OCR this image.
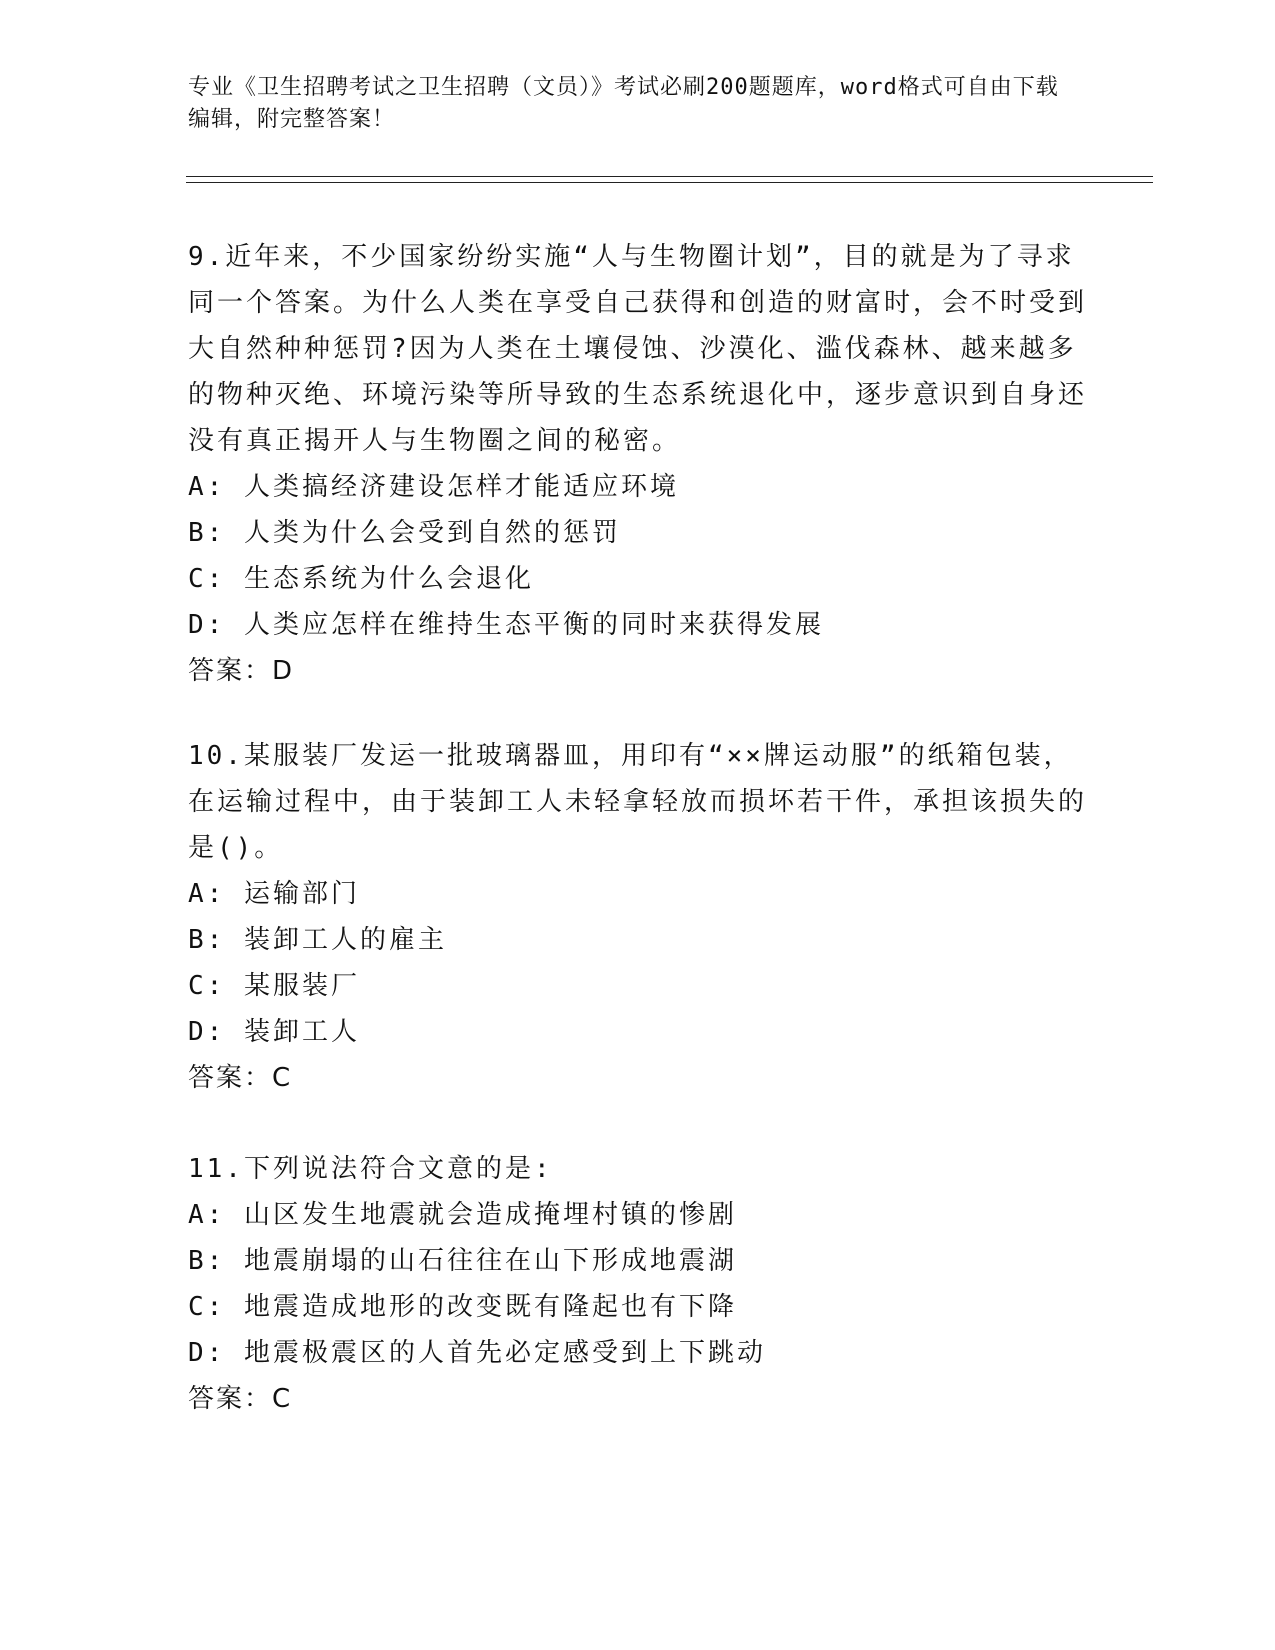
专业《卫生招聘考试之卫生招聘（文员）》考试必刷200题题库，word格式可自由下载编辑，附完整答案！

9.近年来，不少国家纷纷实施“人与生物圈计划”，目的就是为了寻求同一个答案。为什么人类在享受自己获得和创造的财富时，会不时受到大自然种种惩罚?因为人类在土壤侵蚀、沙漠化、滥伐森林、越来越多的物种灭绝、环境污染等所导致的生态系统退化中，逐步意识到自身还没有真正揭开人与生物圈之间的秘密。

A: 人类搞经济建设怎样才能适应环境

B: 人类为什么会受到自然的惩罚

C: 生态系统为什么会退化

D: 人类应怎样在维持生态平衡的同时来获得发展

答案：D

10.某服装厂发运一批玻璃器皿，用印有“××牌运动服”的纸箱包装，在运输过程中，由于装卸工人未轻拿轻放而损坏若干件，承担该损失的是()。

A: 运输部门

B: 装卸工人的雇主

C: 某服装厂

D: 装卸工人

答案：C

11.下列说法符合文意的是:

A: 山区发生地震就会造成掩埋村镇的惨剧

B: 地震崩塌的山石往往在山下形成地震湖

C: 地震造成地形的改变既有隆起也有下降

D: 地震极震区的人首先必定感受到上下跳动

答案：C
